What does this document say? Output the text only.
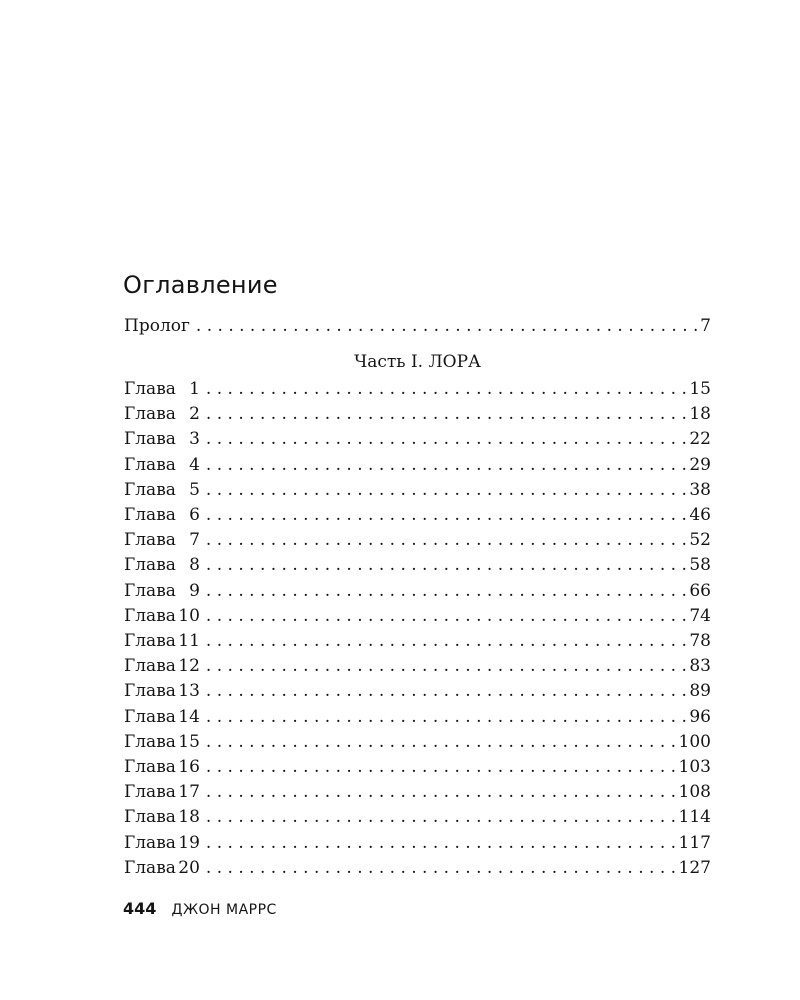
Оглавление
Пролог . . .	7
Часть I. ЛОРА
Глава 1 . . .	15
Глава 2 . . .	18
Глава 3 . . .	22
Глава 4 . . .	29
Глава 5 . . .	38
Глава 6 . . .	46
Глава 7 . . .	52
Глава 8 . . .	58
Глава 9 . . .	66
Глава 10 . . .	74
Глава 11 . . .	78
Глава 12 . . .	83
Глава 13 . . .	89
Глава 14 . . .	96
Глава 15 . . .	100
Глава 16 . . .	103
Глава 17 . . .	108
Глава 18 . . .	114
Глава 19 . . .	117
Глава 20 . . .	127
444 ДЖОН МАРРС
